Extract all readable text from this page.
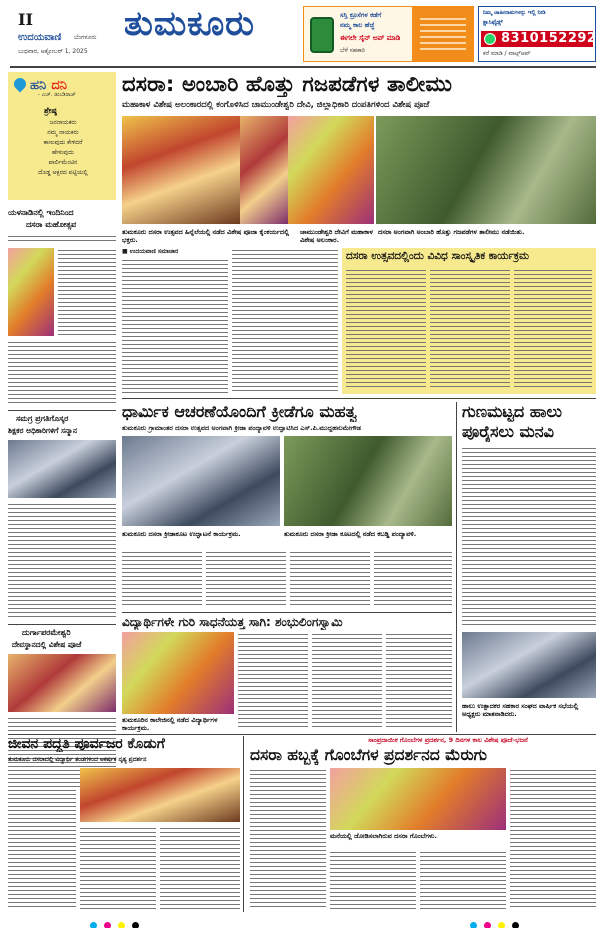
II
ಉದಯವಾಣಿ ಬೆಂಗಳೂರು
ಬುಧವಾರ, ಅಕ್ಟೋಬರ್ 1, 2025
ತುಮಕೂರು	ಸಸ್ತಿ ಕ್ರೂಸೆಗಳ ಕಡೆಗೆ
ನಮ್ಮ ಕಾಲ ಹೆಜ್ಜೆ
ಈಗಲೇ ಸೈನ್ ಅಪ್ ಮಾಡಿ
ಬೆಳೆ ಸಹಕಾರಿ
ನಿಮ್ಮ ಜಾಹೀರಾತುಗಳನ್ನು ಇಲ್ಲಿ ನೀಡಿ
ಕ್ಲಾಸಿಫೈಡ್ಸ್
8310152292
ಕರೆ ಮಾಡಿ / ವಾಟ್ಸ್ಆಪ್
ಹನಿ ದನಿ
- ಎಚ್. ಡುಂಡಿರಾಜ್
ಶ್ರೇಷ್ಠ
ಜನನಾಯಕರು
ನಮ್ಮ ನಾಯಕರು
ಕಾಣುವುದು ಕೇಳಿದರೆ
ಹೇಳುವುದು
ಪಾರ್ಲಿಮೆಂಟಿನ
ದೊಡ್ಡ ಅಕ್ಷರದ ಪಟ್ಟಿಯಲ್ಲಿ
ಯಳನಾಡಿನಲ್ಲಿ ಇಂದಿನಿಂದ
ದಸರಾ ಮಹೋತ್ಸವ
ಸಮಗ್ರ ಪ್ರಗತಿಗೊಸ್ಕರ
ಶಿಕ್ಷಕರ ಅಧಿಕಾರಿಗಳಿಗೆ ಸನ್ಮಾನ
ದುರ್ಗಾಪರಮೇಶ್ವರಿ
ದೇವಸ್ಥಾನದಲ್ಲಿ ವಿಶೇಷ ಪೂಜೆ
ದಸರಾ: ಅಂಬಾರಿ ಹೊತ್ತು ಗಜಪಡೆಗಳ ತಾಲೀಮು
ಮಹಾಕಾಳ ವಿಶೇಷ ಅಲಂಕಾರದಲ್ಲಿ ಕಂಗೊಳಿಸಿದ ಚಾಮುಂಡೇಶ್ವರಿ ದೇವಿ, ಜಿಲ್ಲಾಧಿಕಾರಿ ದಂಪತಿಗಳಿಂದ ವಿಶೇಷ ಪೂಜೆ
ತುಮಕೂರು ದಸರಾ ಉತ್ಸವದ ಹಿನ್ನೆಲೆಯಲ್ಲಿ ನಡೆದ ವಿಶೇಷ ಪೂಜಾ ಕೈಂಕರ್ಯದಲ್ಲಿ ಭಕ್ತರು.
ಚಾಮುಂಡೇಶ್ವರಿ ದೇವಿಗೆ ಮಹಾಕಾಳ ವಿಶೇಷ ಅಲಂಕಾರ.
ದಸರಾ ಅಂಗವಾಗಿ ಅಂಬಾರಿ ಹೊತ್ತು ಗಜಪಡೆಗಳ ತಾಲೀಮು ನಡೆಯಿತು.
■ ಉದಯವಾಣಿ ಸಮಾಚಾರ	ದಸರಾ ಉತ್ಸವದಲ್ಲಿಂದು ವಿವಿಧ ಸಾಂಸ್ಕೃತಿಕ ಕಾರ್ಯಕ್ರಮ
ಧಾರ್ಮಿಕ ಆಚರಣೆಯೊಂದಿಗೆ ಕ್ರೀಡೆಗೂ ಮಹತ್ವ
ತುಮಕೂರು ಗ್ರಾಮಾಂತರ ದಸರಾ ಉತ್ಸವದ ಅಂಗವಾಗಿ ಕ್ರೀಡಾ ಪಂದ್ಯಾವಳಿ ಉದ್ಘಾಟಿಸಿದ ಎಸ್.ಪಿ.ಮುದ್ದಹನುಮೇಗೌಡ
ತುಮಕೂರು ದಸರಾ ಕ್ರೀಡಾಕೂಟ ಉದ್ಘಾಟನೆ ಕಾರ್ಯಕ್ರಮ.	ತುಮಕೂರು ದಸರಾ ಕ್ರೀಡಾ ಕೂಟದಲ್ಲಿ ನಡೆದ ಕಬಡ್ಡಿ ಪಂದ್ಯಾವಳಿ.
ಗುಣಮಟ್ಟದ ಹಾಲು
ಪೂರೈಸಲು ಮನವಿ
ಹಾಲು ಉತ್ಪಾದಕರ ಸಹಕಾರ ಸಂಘದ ವಾರ್ಷಿಕ ಸಭೆಯಲ್ಲಿ ಅಧ್ಯಕ್ಷರು ಮಾತನಾಡಿದರು.
ವಿದ್ಯಾರ್ಥಿಗಳೇ ಗುರಿ ಸಾಧನೆಯತ್ತ ಸಾಗಿ: ಶಂಭುಲಿಂಗಸ್ವಾಮಿ
ತುಮಕೂರಿನ ಕಾಲೇಜಿನಲ್ಲಿ ನಡೆದ ವಿದ್ಯಾರ್ಥಿಗಳ ಕಾರ್ಯಕ್ರಮ.
ಜೀವನ ಪದ್ಧತಿ ಪೂರ್ವಜರ ಕೊಡುಗೆ
ತುಮಕೂರು ದಸರಾದಲ್ಲಿ ವಿದ್ಯಾರ್ಥಿ ತಂಡಗಳಿಂದ ಆಕರ್ಷಕ ನೃತ್ಯ ಪ್ರದರ್ಶನ
ಸಾಂಪ್ರದಾಯಿಕ ಗೊಂಬೆಗಳ ಪ್ರದರ್ಶನ, 9 ದಿನಗಳ ಕಾಲ ವಿಶೇಷ ಪೂಜೆ-ಭಜನೆ
ದಸರಾ ಹಬ್ಬಕ್ಕೆ ಗೊಂಬೆಗಳ ಪ್ರದರ್ಶನದ ಮೆರುಗು
ಮನೆಯಲ್ಲಿ ಜೋಡಿಸಲಾಗಿರುವ ದಸರಾ ಗೊಂಬೆಗಳು.
